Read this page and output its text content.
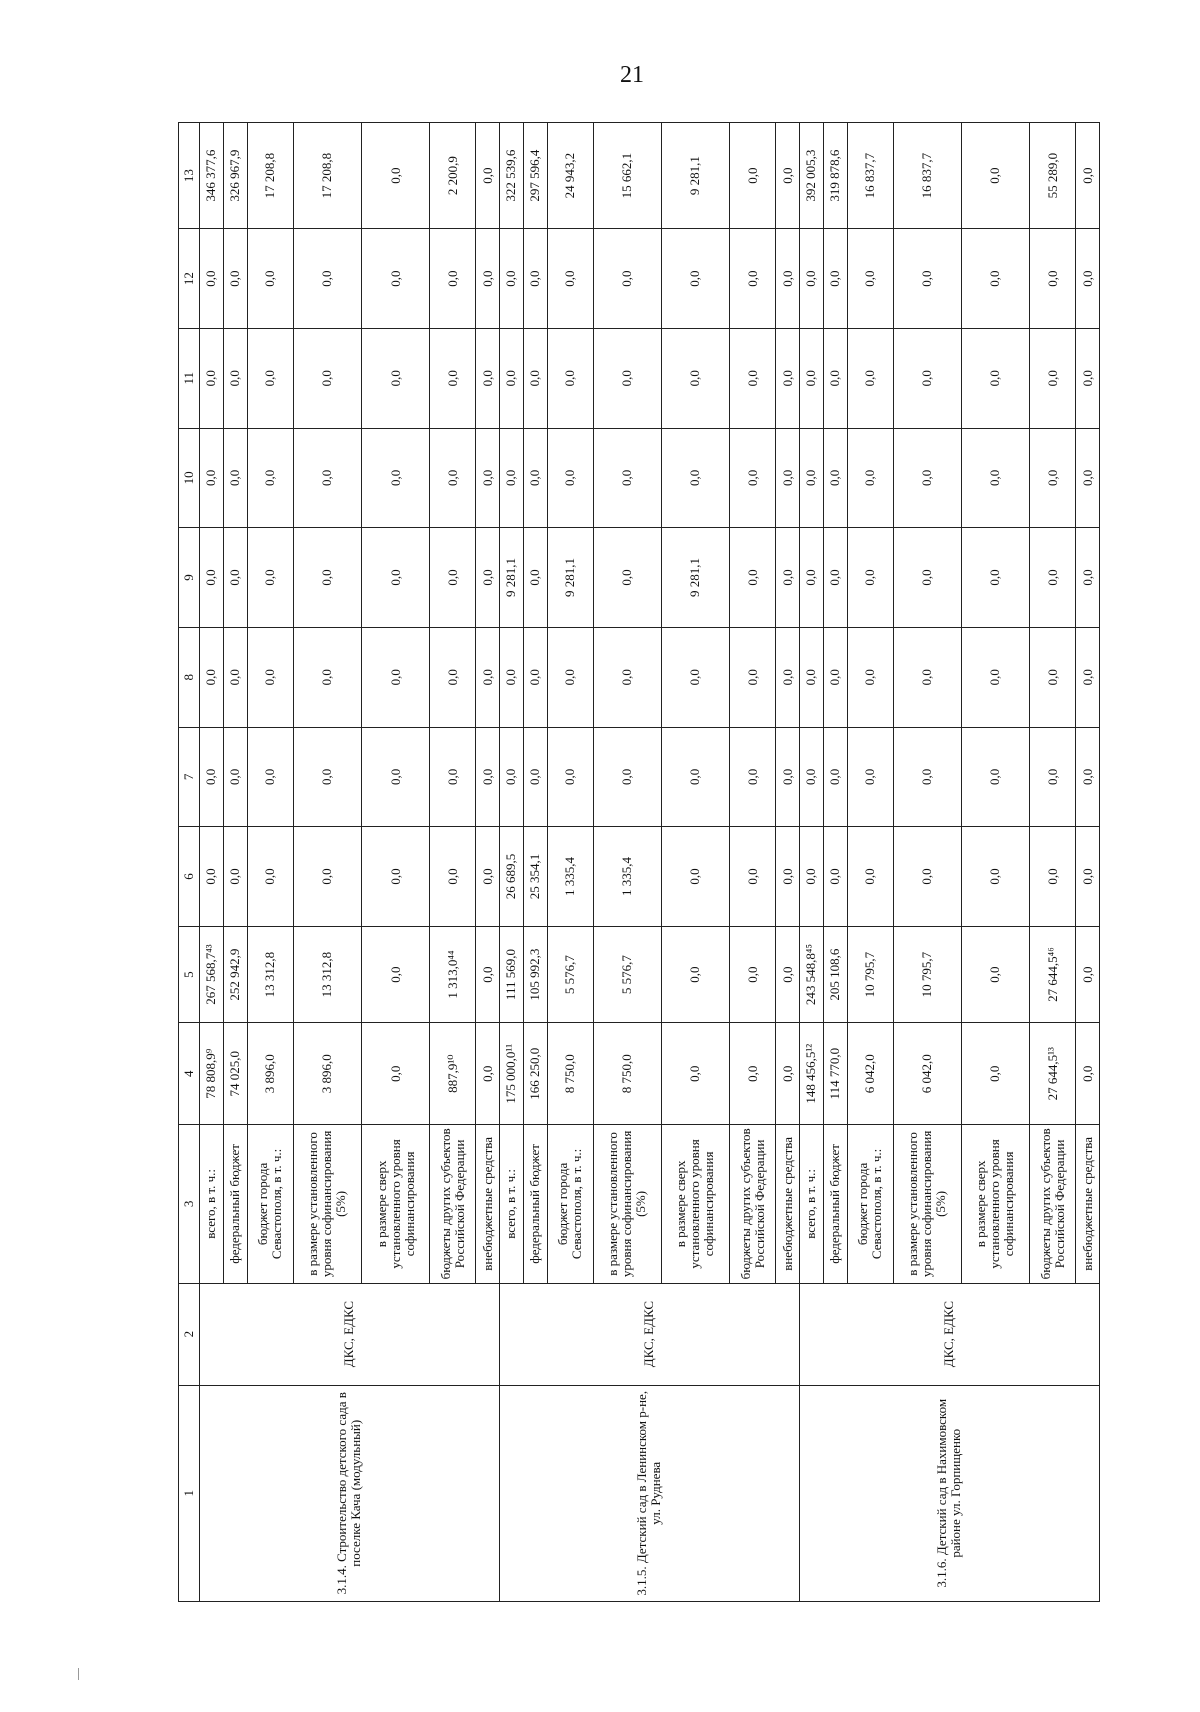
21
1	2	3	4	5	6	7	8	9	10	11	12	13
3.1.4. Строительство детского сада в поселке Кача (модульный)	ДКС, ЕДКС	всего, в т. ч.:	78 808,9⁹	267 568,7⁴³	0,0	0,0	0,0	0,0	0,0	0,0	0,0	346 377,6
		федеральный бюджет	74 025,0	252 942,9	0,0	0,0	0,0	0,0	0,0	0,0	0,0	326 967,9
		бюджет города Севастополя, в т. ч.:	3 896,0	13 312,8	0,0	0,0	0,0	0,0	0,0	0,0	0,0	17 208,8
		в размере установленного уровня софинансирования (5%)	3 896,0	13 312,8	0,0	0,0	0,0	0,0	0,0	0,0	0,0	17 208,8
		в размере сверх установленного уровня софинансирования	0,0	0,0	0,0	0,0	0,0	0,0	0,0	0,0	0,0	0,0
		бюджеты других субъектов Российской Федерации	887,9¹⁰	1 313,0⁴⁴	0,0	0,0	0,0	0,0	0,0	0,0	0,0	2 200,9
		внебюджетные средства	0,0	0,0	0,0	0,0	0,0	0,0	0,0	0,0	0,0	0,0
3.1.5. Детский сад в Ленинском р-не, ул. Руднева	ДКС, ЕДКС	всего, в т. ч.:	175 000,0¹¹	111 569,0	26 689,5	0,0	0,0	9 281,1	0,0	0,0	0,0	322 539,6
		федеральный бюджет	166 250,0	105 992,3	25 354,1	0,0	0,0	0,0	0,0	0,0	0,0	297 596,4
		бюджет города Севастополя, в т. ч.:	8 750,0	5 576,7	1 335,4	0,0	0,0	9 281,1	0,0	0,0	0,0	24 943,2
		в размере установленного уровня софинансирования (5%)	8 750,0	5 576,7	1 335,4	0,0	0,0	0,0	0,0	0,0	0,0	15 662,1
		в размере сверх установленного уровня софинансирования	0,0	0,0	0,0	0,0	0,0	9 281,1	0,0	0,0	0,0	9 281,1
		бюджеты других субъектов Российской Федерации	0,0	0,0	0,0	0,0	0,0	0,0	0,0	0,0	0,0	0,0
		внебюджетные средства	0,0	0,0	0,0	0,0	0,0	0,0	0,0	0,0	0,0	0,0
3.1.6. Детский сад в Нахимовском районе ул. Горпищенко	ДКС, ЕДКС	всего, в т. ч.:	148 456,5¹²	243 548,8⁴⁵	0,0	0,0	0,0	0,0	0,0	0,0	0,0	392 005,3
		федеральный бюджет	114 770,0	205 108,6	0,0	0,0	0,0	0,0	0,0	0,0	0,0	319 878,6
		бюджет города Севастополя, в т. ч.:	6 042,0	10 795,7	0,0	0,0	0,0	0,0	0,0	0,0	0,0	16 837,7
		в размере установленного уровня софинансирования (5%)	6 042,0	10 795,7	0,0	0,0	0,0	0,0	0,0	0,0	0,0	16 837,7
		в размере сверх установленного уровня софинансирования	0,0	0,0	0,0	0,0	0,0	0,0	0,0	0,0	0,0	0,0
		бюджеты других субъектов Российской Федерации	27 644,5¹³	27 644,5⁴⁶	0,0	0,0	0,0	0,0	0,0	0,0	0,0	55 289,0
		внебюджетные средства	0,0	0,0	0,0	0,0	0,0	0,0	0,0	0,0	0,0	0,0
